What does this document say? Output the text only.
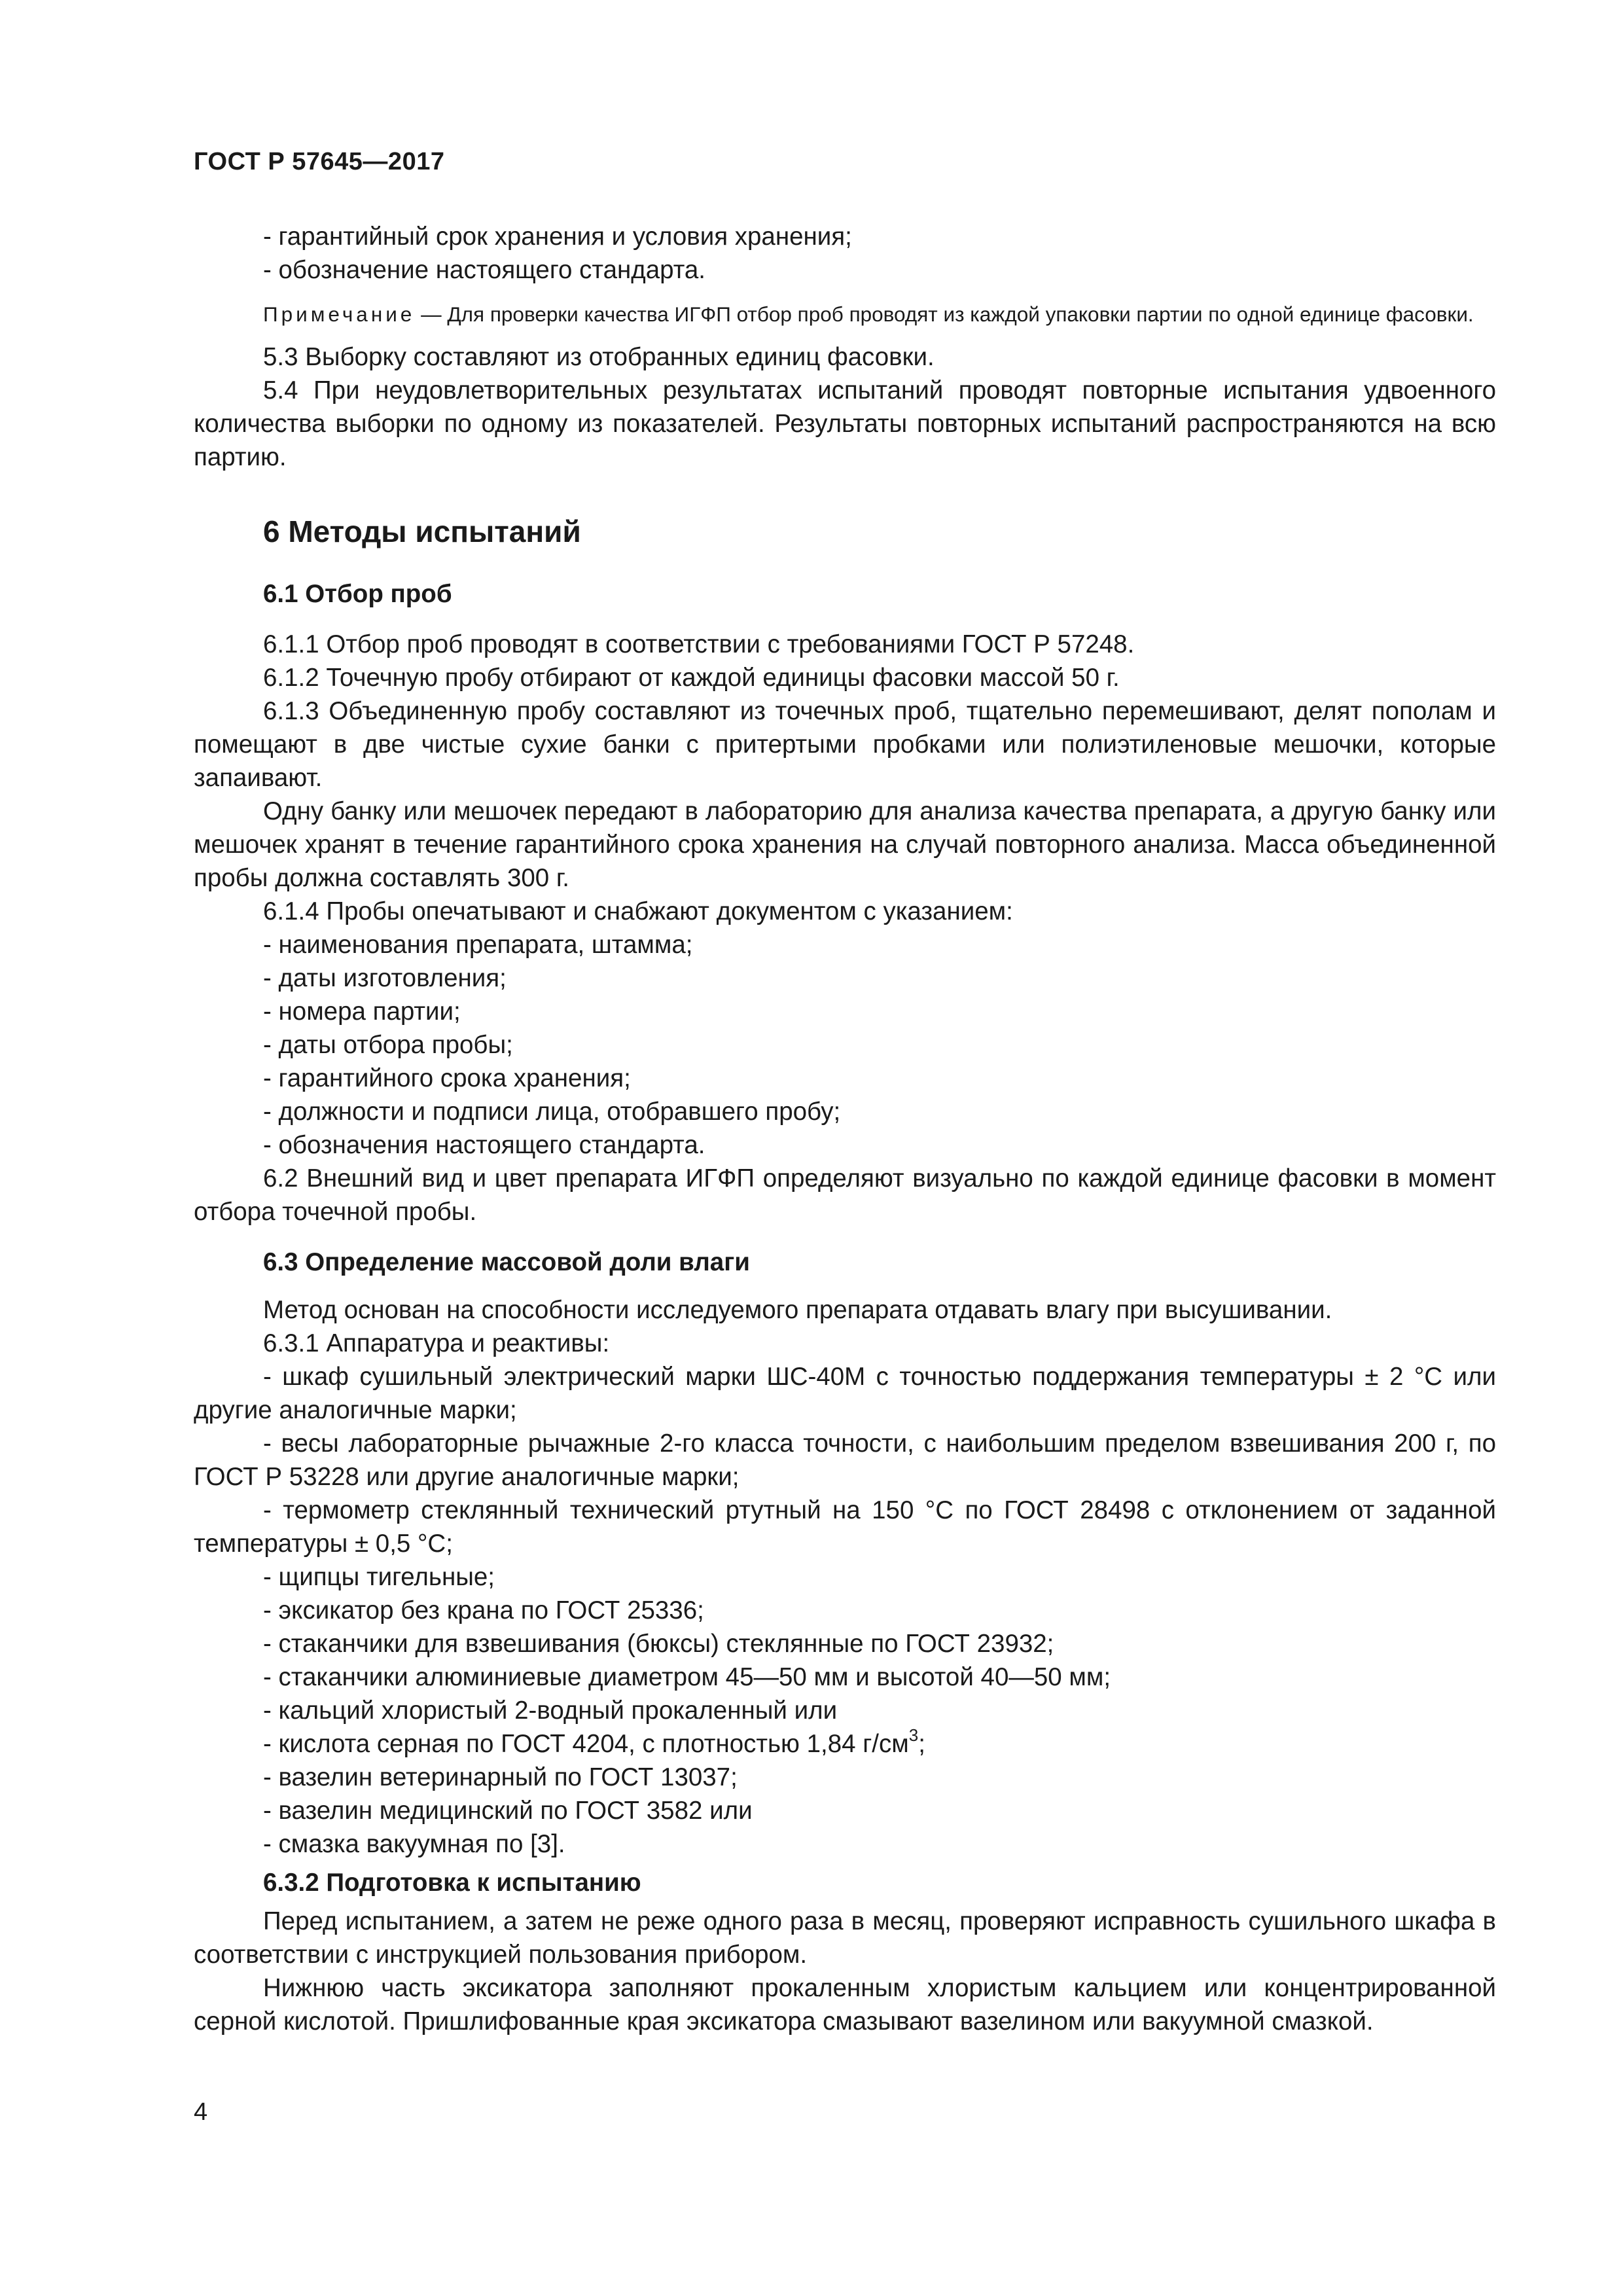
ГОСТ Р 57645—2017

- гарантийный срок хранения и условия хранения;

- обозначение настоящего стандарта.

Примечание — Для проверки качества ИГФП отбор проб проводят из каждой упаковки партии по одной единице фасовки.

5.3 Выборку составляют из отобранных единиц фасовки.

5.4 При неудовлетворительных результатах испытаний проводят повторные испытания удвоенного количества выборки по одному из показателей. Результаты повторных испытаний распространяются на всю партию.

6 Методы испытаний
6.1 Отбор проб

6.1.1 Отбор проб проводят в соответствии с требованиями ГОСТ Р 57248.

6.1.2 Точечную пробу отбирают от каждой единицы фасовки массой 50 г.

6.1.3 Объединенную пробу составляют из точечных проб, тщательно перемешивают, делят пополам и помещают в две чистые сухие банки с притертыми пробками или полиэтиленовые мешочки, которые запаивают.

Одну банку или мешочек передают в лабораторию для анализа качества препарата, а другую банку или мешочек хранят в течение гарантийного срока хранения на случай повторного анализа. Масса объединенной пробы должна составлять 300 г.

6.1.4 Пробы опечатывают и снабжают документом с указанием:

- наименования препарата, штамма;

- даты изготовления;

- номера партии;

- даты отбора пробы;

- гарантийного срока хранения;

- должности и подписи лица, отобравшего пробу;

- обозначения настоящего стандарта.

6.2 Внешний вид и цвет препарата ИГФП определяют визуально по каждой единице фасовки в момент отбора точечной пробы.

6.3 Определение массовой доли влаги

Метод основан на способности исследуемого препарата отдавать влагу при высушивании.

6.3.1 Аппаратура и реактивы:

- шкаф сушильный электрический марки ШС-40М с точностью поддержания температуры ± 2 °С или другие аналогичные марки;

- весы лабораторные рычажные 2-го класса точности, с наибольшим пределом взвешивания 200 г, по ГОСТ Р 53228 или другие аналогичные марки;

- термометр стеклянный технический ртутный на 150 °С по ГОСТ 28498 с отклонением от заданной температуры ± 0,5 °С;

- щипцы тигельные;

- эксикатор без крана по ГОСТ 25336;

- стаканчики для взвешивания (бюксы) стеклянные по ГОСТ 23932;

- стаканчики алюминиевые диаметром 45—50 мм и высотой 40—50 мм;

- кальций хлористый 2-водный прокаленный или

- кислота серная по ГОСТ 4204, с плотностью 1,84 $г/см^3$;

- вазелин ветеринарный по ГОСТ 13037;

- вазелин медицинский по ГОСТ 3582 или

- смазка вакуумная по [3].

6.3.2 Подготовка к испытанию

Перед испытанием, а затем не реже одного раза в месяц, проверяют исправность сушильного шкафа в соответствии с инструкцией пользования прибором.

Нижнюю часть эксикатора заполняют прокаленным хлористым кальцием или концентрированной серной кислотой. Пришлифованные края эксикатора смазывают вазелином или вакуумной смазкой.

4
